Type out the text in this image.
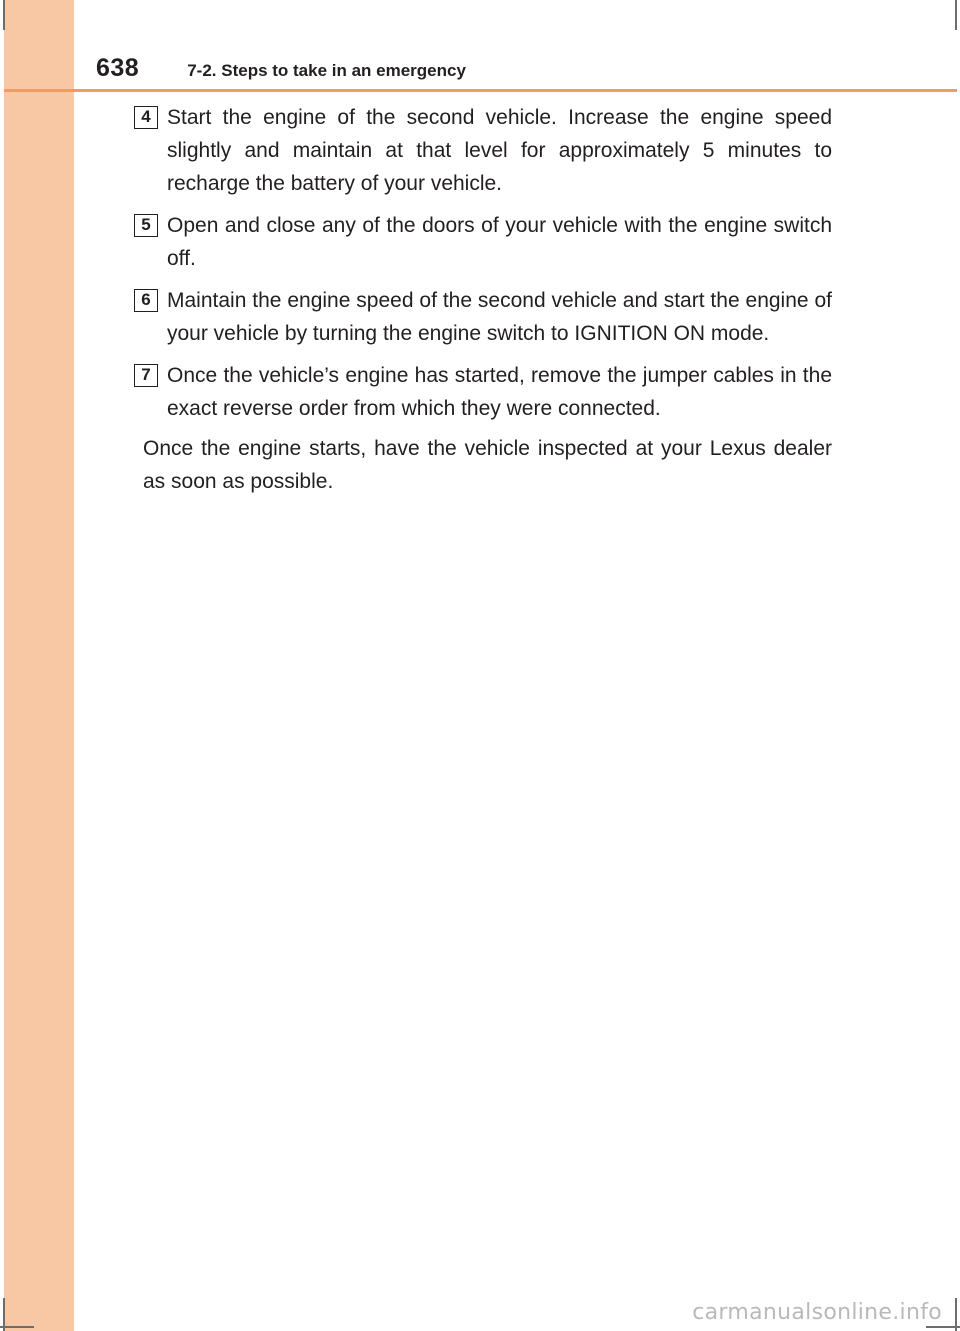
638	7-2. Steps to take in an emergency
4 Start the engine of the second vehicle. Increase the engine speed slightly and maintain at that level for approximately 5 minutes to recharge the battery of your vehicle.
5 Open and close any of the doors of your vehicle with the engine switch off.
6 Maintain the engine speed of the second vehicle and start the engine of your vehicle by turning the engine switch to IGNITION ON mode.
7 Once the vehicle’s engine has started, remove the jumper cables in the exact reverse order from which they were connected.
Once the engine starts, have the vehicle inspected at your Lexus dealer as soon as possible.
carmanualsonline.info
